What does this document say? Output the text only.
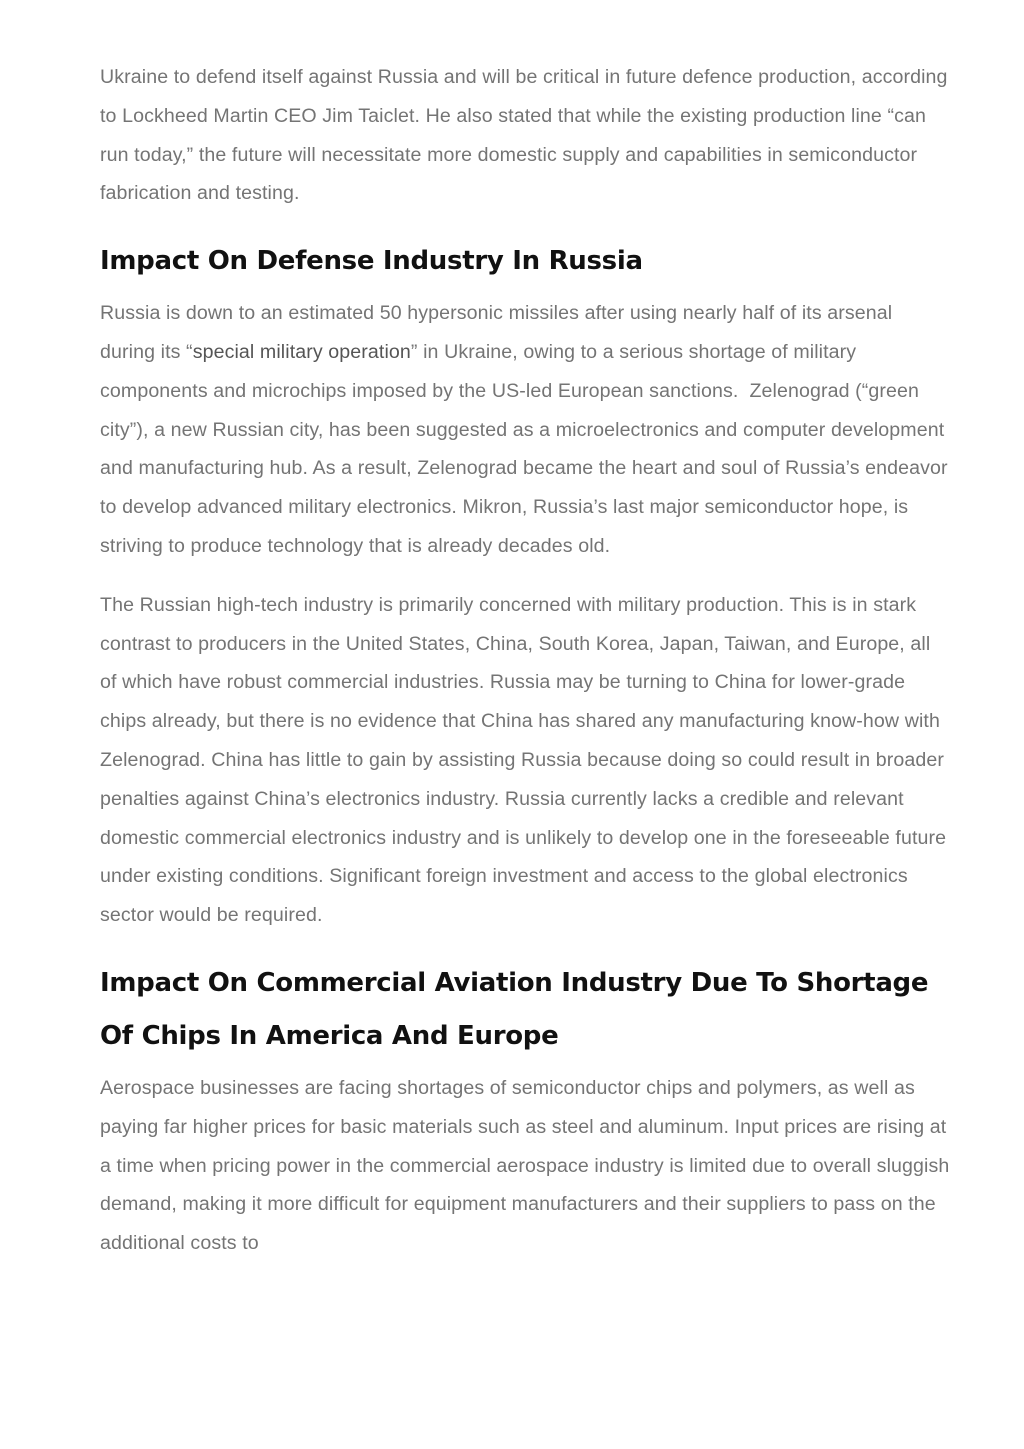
Ukraine to defend itself against Russia and will be critical in future defence production, according to Lockheed Martin CEO Jim Taiclet. He also stated that while the existing production line “can run today,” the future will necessitate more domestic supply and capabilities in semiconductor fabrication and testing.

Impact On Defense Industry In Russia

Russia is down to an estimated 50 hypersonic missiles after using nearly half of its arsenal during its “special military operation” in Ukraine, owing to a serious shortage of military components and microchips imposed by the US-led European sanctions.  Zelenograd (“green city”), a new Russian city, has been suggested as a microelectronics and computer development and manufacturing hub. As a result, Zelenograd became the heart and soul of Russia’s endeavor to develop advanced military electronics. Mikron, Russia’s last major semiconductor hope, is striving to produce technology that is already decades old.

The Russian high-tech industry is primarily concerned with military production. This is in stark contrast to producers in the United States, China, South Korea, Japan, Taiwan, and Europe, all of which have robust commercial industries. Russia may be turning to China for lower-grade chips already, but there is no evidence that China has shared any manufacturing know-how with Zelenograd. China has little to gain by assisting Russia because doing so could result in broader penalties against China’s electronics industry. Russia currently lacks a credible and relevant domestic commercial electronics industry and is unlikely to develop one in the foreseeable future under existing conditions. Significant foreign investment and access to the global electronics sector would be required.

Impact On Commercial Aviation Industry Due To Shortage Of Chips In America And Europe

Aerospace businesses are facing shortages of semiconductor chips and polymers, as well as paying far higher prices for basic materials such as steel and aluminum. Input prices are rising at a time when pricing power in the commercial aerospace industry is limited due to overall sluggish demand, making it more difficult for equipment manufacturers and their suppliers to pass on the additional costs to
